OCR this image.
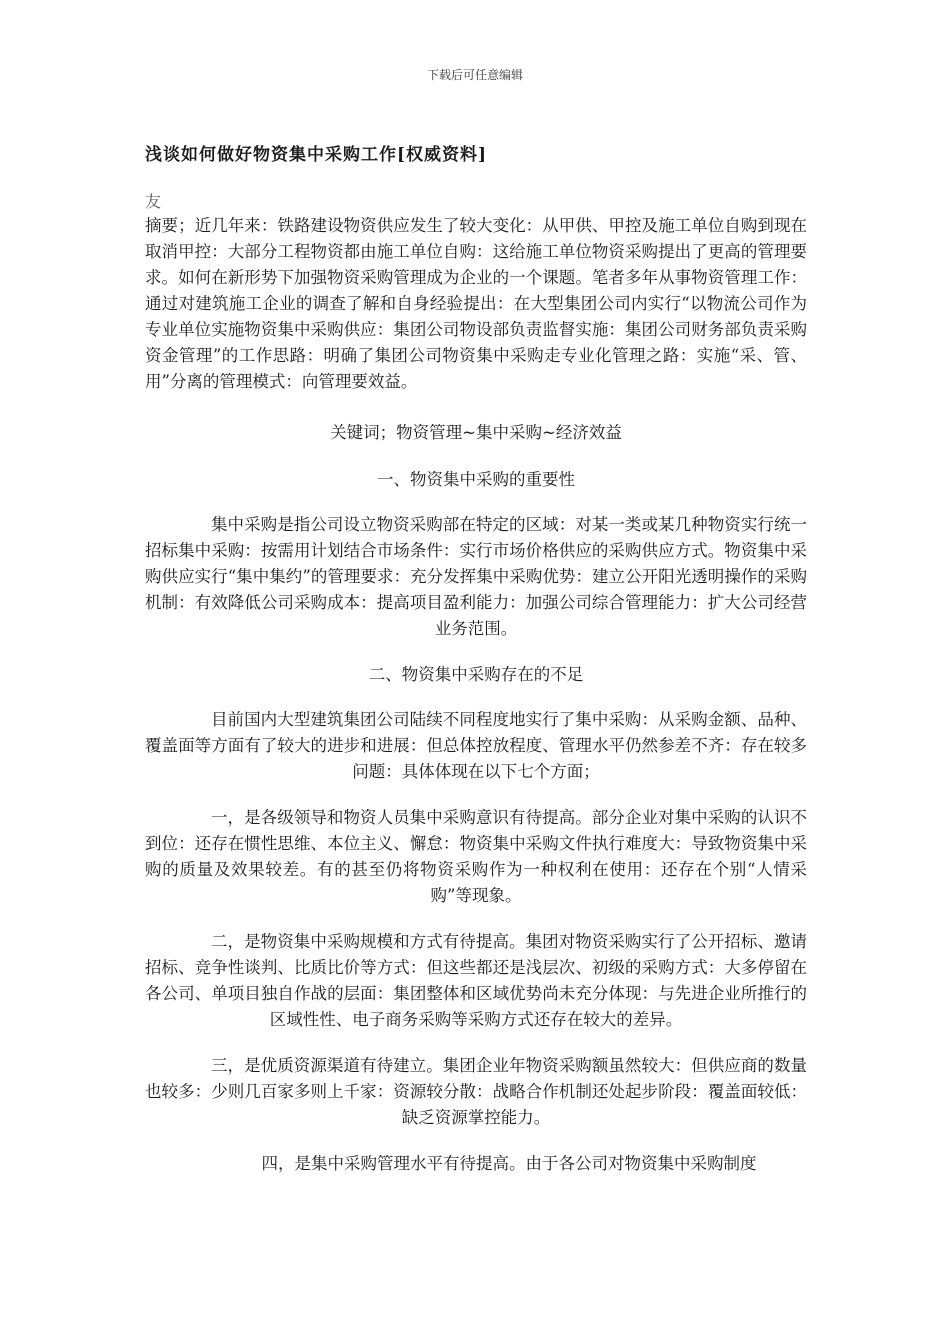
下载后可任意编辑
浅谈如何做好物资集中采购工作[权威资料]
友

摘要；近几年来：铁路建设物资供应发生了较大变化：从甲供、甲控及施工单位自购到现在取消甲控：大部分工程物资都由施工单位自购：这给施工单位物资采购提出了更高的管理要求。如何在新形势下加强物资采购管理成为企业的一个课题。笔者多年从事物资管理工作：通过对建筑施工企业的调查了解和自身经验提出：在大型集团公司内实行“以物流公司作为专业单位实施物资集中采购供应：集团公司物设部负责监督实施：集团公司财务部负责采购资金管理”的工作思路：明确了集团公司物资集中采购走专业化管理之路：实施“采、管、用”分离的管理模式：向管理要效益。

关键词；物资管理~集中采购~经济效益

一、物资集中采购的重要性

集中采购是指公司设立物资采购部在特定的区域：对某一类或某几种物资实行统一招标集中采购：按需用计划结合市场条件：实行市场价格供应的采购供应方式。物资集中采购供应实行“集中集约”的管理要求：充分发挥集中采购优势：建立公开阳光透明操作的采购机制：有效降低公司采购成本：提高项目盈利能力：加强公司综合管理能力：扩大公司经营业务范围。

二、物资集中采购存在的不足

目前国内大型建筑集团公司陆续不同程度地实行了集中采购：从采购金额、品种、覆盖面等方面有了较大的进步和进展：但总体控放程度、管理水平仍然参差不齐：存在较多问题：具体体现在以下七个方面；

一，是各级领导和物资人员集中采购意识有待提高。部分企业对集中采购的认识不到位：还存在惯性思维、本位主义、懈怠：物资集中采购文件执行难度大：导致物资集中采购的质量及效果较差。有的甚至仍将物资采购作为一种权利在使用：还存在个别“人情采购”等现象。

二，是物资集中采购规模和方式有待提高。集团对物资采购实行了公开招标、邀请招标、竞争性谈判、比质比价等方式：但这些都还是浅层次、初级的采购方式：大多停留在各公司、单项目独自作战的层面：集团整体和区域优势尚未充分体现：与先进企业所推行的区域性性、电子商务采购等采购方式还存在较大的差异。

三，是优质资源渠道有待建立。集团企业年物资采购额虽然较大：但供应商的数量也较多：少则几百家多则上千家：资源较分散：战略合作机制还处起步阶段：覆盖面较低：缺乏资源掌控能力。

四，是集中采购管理水平有待提高。由于各公司对物资集中采购制度
